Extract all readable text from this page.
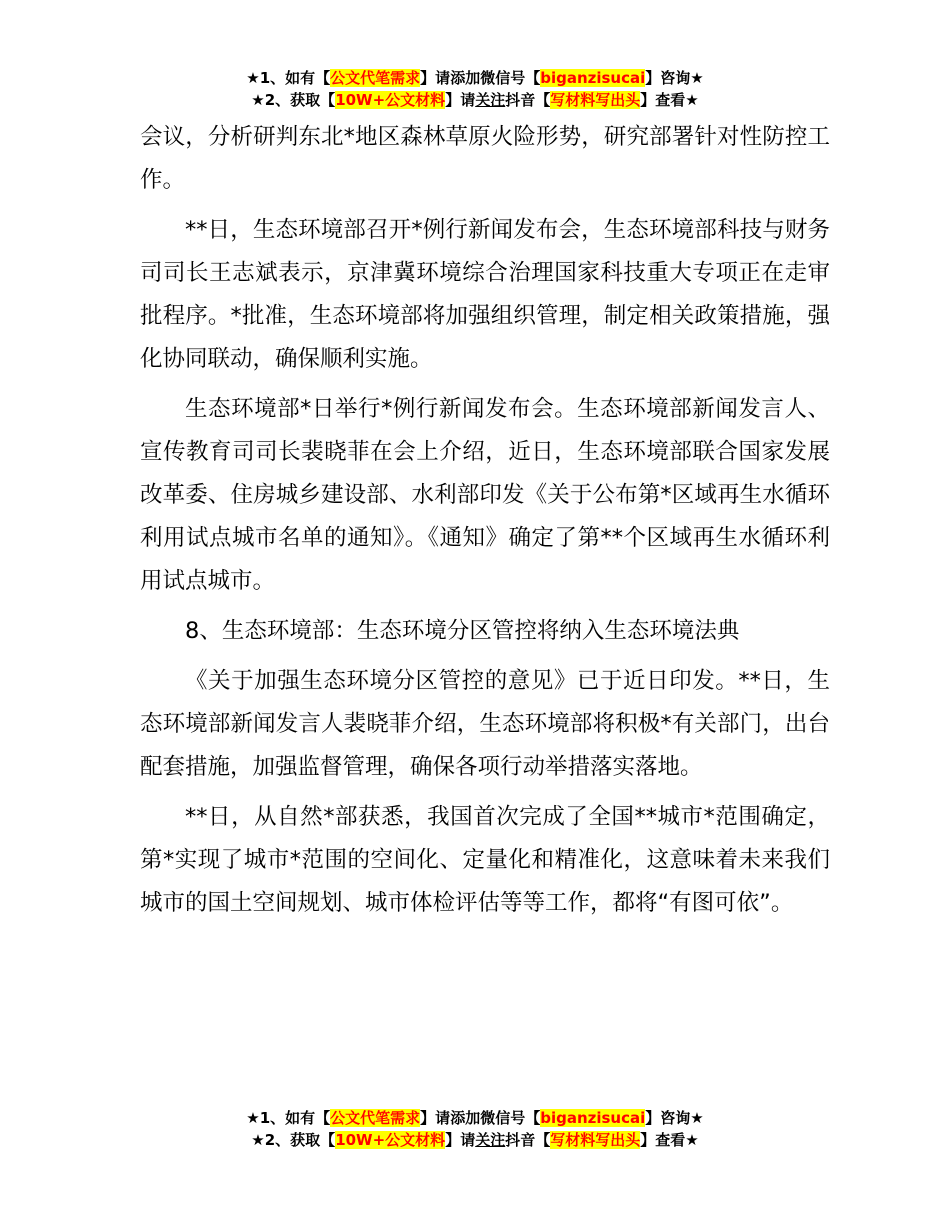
★1、如有【公文代笔需求】请添加微信号【biganzisucai】咨询★
★2、获取【10W+公文材料】请关注抖音【写材料写出头】查看★

会议，分析研判东北*地区森林草原火险形势，研究部署针对性防控工作。

**日，生态环境部召开*例行新闻发布会，生态环境部科技与财务司司长王志斌表示，京津冀环境综合治理国家科技重大专项正在走审批程序。*批准，生态环境部将加强组织管理，制定相关政策措施，强化协同联动，确保顺利实施。

生态环境部*日举行*例行新闻发布会。生态环境部新闻发言人、宣传教育司司长裴晓菲在会上介绍，近日，生态环境部联合国家发展改革委、住房城乡建设部、水利部印发《关于公布第*区域再生水循环利用试点城市名单的通知》。《通知》确定了第**个区域再生水循环利用试点城市。

8、生态环境部：生态环境分区管控将纳入生态环境法典

《关于加强生态环境分区管控的意见》已于近日印发。**日，生态环境部新闻发言人裴晓菲介绍，生态环境部将积极*有关部门，出台配套措施，加强监督管理，确保各项行动举措落实落地。

**日，从自然*部获悉，我国首次完成了全国**城市*范围确定，第*实现了城市*范围的空间化、定量化和精准化，这意味着未来我们城市的国土空间规划、城市体检评估等等工作，都将“有图可依”。

★1、如有【公文代笔需求】请添加微信号【biganzisucai】咨询★
★2、获取【10W+公文材料】请关注抖音【写材料写出头】查看★
